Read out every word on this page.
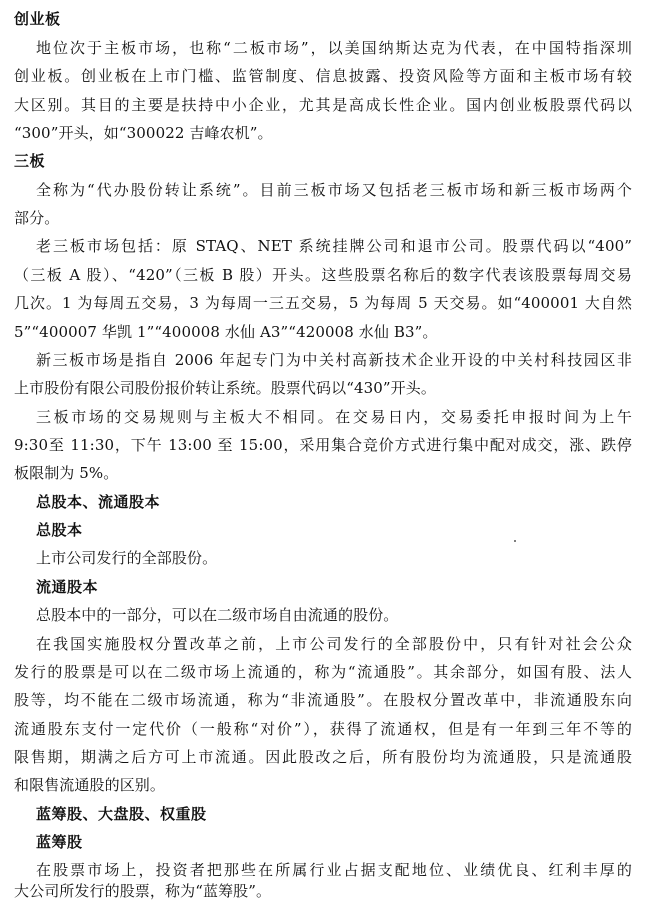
创业板
地位次于主板市场，也称“二板市场”，以美国纳斯达克为代表，在中国特指深圳
创业板。创业板在上市门槛、监管制度、信息披露、投资风险等方面和主板市场有较
大区别。其目的主要是扶持中小企业，尤其是高成长性企业。国内创业板股票代码以
“300”开头，如“300022 吉峰农机”。
三板
全称为“代办股份转让系统”。目前三板市场又包括老三板市场和新三板市场两个
部分。
老三板市场包括：原 STAQ、NET 系统挂牌公司和退市公司。股票代码以“400”
（三板 A 股）、“420”（三板 B 股）开头。这些股票名称后的数字代表该股票每周交易
几次。1 为每周五交易，3 为每周一三五交易，5 为每周 5 天交易。如“400001 大自然
5”“400007 华凯 1”“400008 水仙 A3”“420008 水仙 B3”。
新三板市场是指自 2006 年起专门为中关村高新技术企业开设的中关村科技园区非
上市股份有限公司股份报价转让系统。股票代码以“430”开头。
三板市场的交易规则与主板大不相同。在交易日内，交易委托申报时间为上午
9:30至 11:30，下午 13:00 至 15:00，采用集合竞价方式进行集中配对成交，涨、跌停
板限制为 5%。
总股本、流通股本
总股本
上市公司发行的全部股份。
流通股本
总股本中的一部分，可以在二级市场自由流通的股份。
在我国实施股权分置改革之前，上市公司发行的全部股份中，只有针对社会公众
发行的股票是可以在二级市场上流通的，称为“流通股”。其余部分，如国有股、法人
股等，均不能在二级市场流通，称为“非流通股”。在股权分置改革中，非流通股东向
流通股东支付一定代价（一般称“对价”），获得了流通权，但是有一年到三年不等的
限售期，期满之后方可上市流通。因此股改之后，所有股份均为流通股，只是流通股
和限售流通股的区别。
蓝筹股、大盘股、权重股
蓝筹股
在股票市场上，投资者把那些在所属行业占据支配地位、业绩优良、红利丰厚的
大公司所发行的股票，称为“蓝筹股”。
